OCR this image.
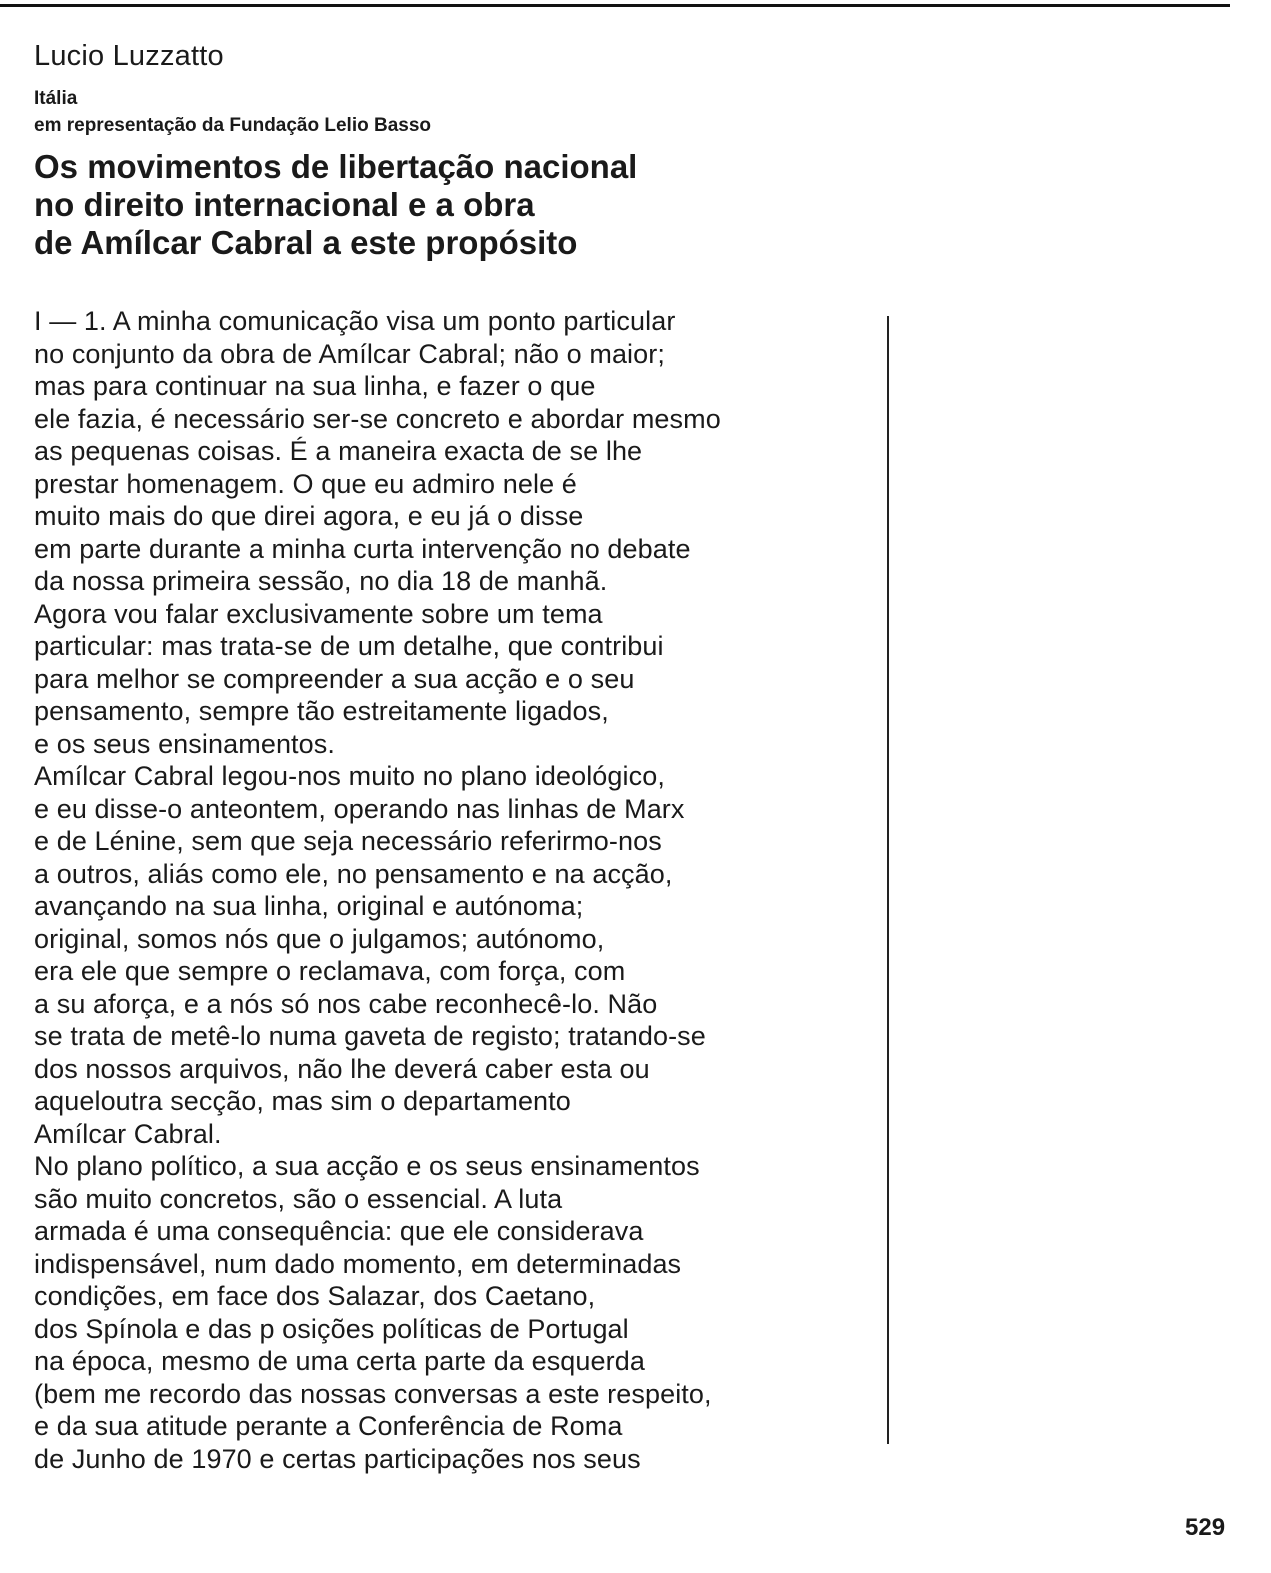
Lucio Luzzatto
Itália
em representação da Fundação Lelio Basso
Os movimentos de libertação nacional
no direito internacional e a obra
de Amílcar Cabral a este propósito
I — 1. A minha comunicação visa um ponto particular
no conjunto da obra de Amílcar Cabral; não o maior;
mas para continuar na sua linha, e fazer o que
ele fazia, é necessário ser-se concreto e abordar mesmo
as pequenas coisas. É a maneira exacta de se lhe
prestar homenagem. O que eu admiro nele é
muito mais do que direi agora, e eu já o disse
em parte durante a minha curta intervenção no debate
da nossa primeira sessão, no dia 18 de manhã.
Agora vou falar exclusivamente sobre um tema
particular: mas trata-se de um detalhe, que contribui
para melhor se compreender a sua acção e o seu
pensamento, sempre tão estreitamente ligados,
e os seus ensinamentos.
Amílcar Cabral legou-nos muito no plano ideológico,
e eu disse-o anteontem, operando nas linhas de Marx
e de Lénine, sem que seja necessário referirmo-nos
a outros, aliás como ele, no pensamento e na acção,
avançando na sua linha, original e autónoma;
original, somos nós que o julgamos; autónomo,
era ele que sempre o reclamava, com força, com
a su aforça, e a nós só nos cabe reconhecê-lo. Não
se trata de metê-lo numa gaveta de registo; tratando-se
dos nossos arquivos, não lhe deverá caber esta ou
aqueloutra secção, mas sim o departamento
Amílcar Cabral.
No plano político, a sua acção e os seus ensinamentos
são muito concretos, são o essencial. A luta
armada é uma consequência: que ele considerava
indispensável, num dado momento, em determinadas
condições, em face dos Salazar, dos Caetano,
dos Spínola e das p osições políticas de Portugal
na época, mesmo de uma certa parte da esquerda
(bem me recordo das nossas conversas a este respeito,
e da sua atitude perante a Conferência de Roma
de Junho de 1970 e certas participações nos seus
529
